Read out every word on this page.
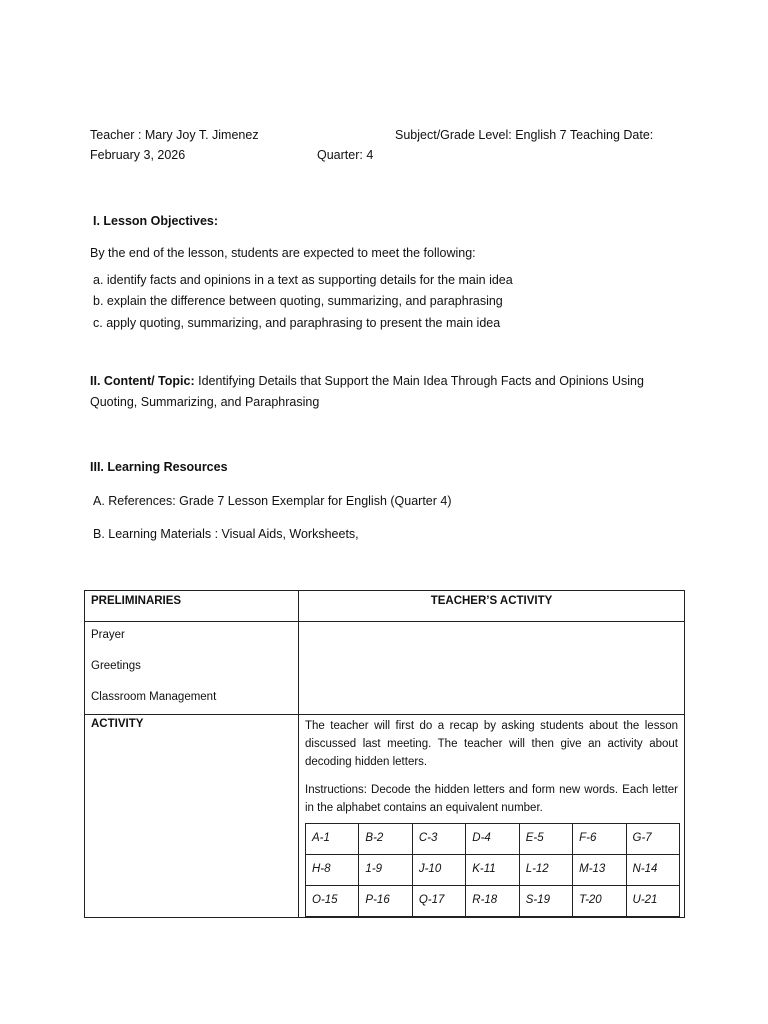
Teacher : Mary Joy T. Jimenez	Subject/Grade Level: English 7 Teaching Date:
February 3, 2026	Quarter: 4
I. Lesson Objectives:
By the end of the lesson, students are expected to meet the following:
a. identify facts and opinions in a text as supporting details for the main idea
b. explain the difference between quoting, summarizing, and paraphrasing
c. apply quoting, summarizing, and paraphrasing to present the main idea
II. Content/ Topic: Identifying Details that Support the Main Idea Through Facts and Opinions Using Quoting, Summarizing, and Paraphrasing
III. Learning Resources
A. References: Grade 7 Lesson Exemplar for English (Quarter 4)
B. Learning Materials : Visual Aids, Worksheets,
PRELIMINARIES	TEACHER’S ACTIVITY

Prayer
Greetings
Classroom Management

ACTIVITY	The teacher will first do a recap by asking students about the lesson discussed last meeting. The teacher will then give an activity about decoding hidden letters.

Instructions: Decode the hidden letters and form new words. Each letter in the alphabet contains an equivalent number.

A-1	B-2	C-3	D-4	E-5	F-6	G-7
H-8	1-9	J-10	K-11	L-12	M-13	N-14
O-15	P-16	Q-17	R-18	S-19	T-20	U-21
